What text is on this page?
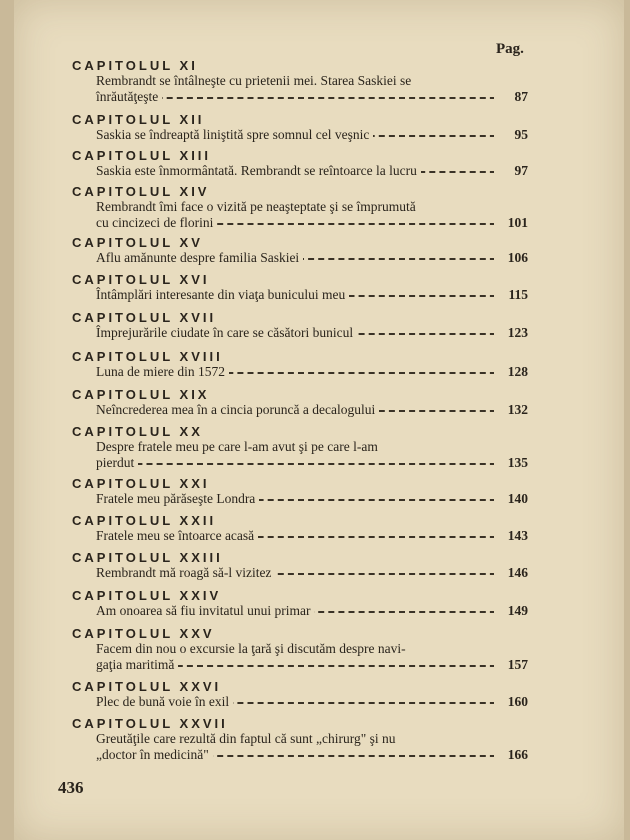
Pag.
CAPITOLUL XI
Rembrandt se întâlneşte cu prietenii mei. Starea Saskiei se
înrăutăţeşte	87
CAPITOLUL XII
Saskia se îndreaptă liniştită spre somnul cel veşnic	95
CAPITOLUL XIII
Saskia este înmormântată. Rembrandt se reîntoarce la lucru	97
CAPITOLUL XIV
Rembrandt îmi face o vizită pe neaşteptate şi se împrumută
cu cincizeci de florini	101
CAPITOLUL XV
Aflu amănunte despre familia Saskiei	106
CAPITOLUL XVI
Întâmplări interesante din viaţa bunicului meu	115
CAPITOLUL XVII
Împrejurările ciudate în care se căsători bunicul	123
CAPITOLUL XVIII
Luna de miere din 1572	128
CAPITOLUL XIX
Neîncrederea mea în a cincia poruncă a decalogului	132
CAPITOLUL XX
Despre fratele meu pe care l-am avut şi pe care l-am
pierdut	135
CAPITOLUL XXI
Fratele meu părăseşte Londra	140
CAPITOLUL XXII
Fratele meu se întoarce acasă	143
CAPITOLUL XXIII
Rembrandt mă roagă să-l vizitez	146
CAPITOLUL XXIV
Am onoarea să fiu invitatul unui primar	149
CAPITOLUL XXV
Facem din nou o excursie la ţară şi discutăm despre navi-
gaţia maritimă	157
CAPITOLUL XXVI
Plec de bună voie în exil	160
CAPITOLUL XXVII
Greutăţile care rezultă din faptul că sunt „chirurg" şi nu
„doctor în medicină"	166
436
